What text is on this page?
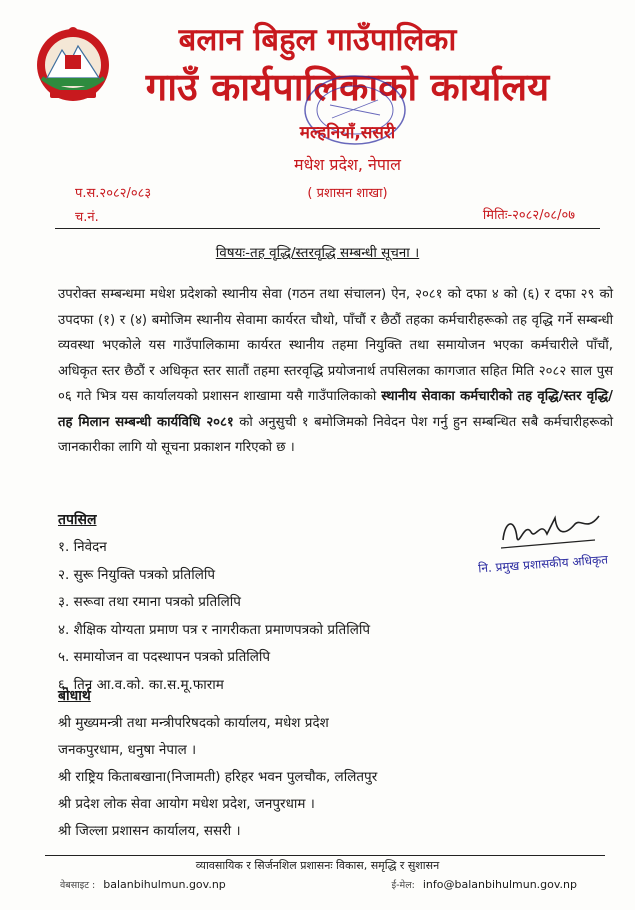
बलान बिहुल गाउँपालिका
गाउँ कार्यपालिकाको कार्यालय
मल्हनियाँ,ससरी
मधेश प्रदेश, नेपाल
( प्रशासन शाखा)
प.स.२०८२/०८३
च.नं.	मितिः-२०८२/०८/०७
विषयः-तह वृद्धि/स्तरवृद्धि सम्बन्धी सूचना ।
उपरोक्त सम्बन्धमा मधेश प्रदेशको स्थानीय सेवा (गठन तथा संचालन) ऐन, २०८१ को दफा ४ को (६) र दफा २९ को उपदफा (१) र (४) बमोजिम स्थानीय सेवामा कार्यरत चौथो, पाँचौं र छैठौं तहका कर्मचारीहरूको तह वृद्धि गर्ने सम्बन्धी व्यवस्था भएकोले यस गाउँपालिकामा कार्यरत स्थानीय तहमा नियुक्ति तथा समायोजन भएका कर्मचारीले पाँचौं, अधिकृत स्तर छैठौं र अधिकृत स्तर सातौं तहमा स्तरवृद्धि प्रयोजनार्थ तपसिलका कागजात सहित मिति २०८२ साल पुस ०६ गते भित्र यस कार्यालयको प्रशासन शाखामा यसै गाउँपालिकाको स्थानीय सेवाका कर्मचारीको तह वृद्धि/स्तर वृद्धि/तह मिलान सम्बन्धी कार्यविधि २०८१ को अनुसुची १ बमोजिमको निवेदन पेश गर्नु हुन सम्बन्धित सबै कर्मचारीहरूको जानकारीका लागि यो सूचना प्रकाशन गरिएको छ ।
तपसिल
१. निवेदन
२. सुरू नियुक्ति पत्रको प्रतिलिपि
३. सरूवा तथा रमाना पत्रको प्रतिलिपि
४. शैक्षिक योग्यता प्रमाण पत्र र नागरीकता प्रमाणपत्रको प्रतिलिपि
५. समायोजन वा पदस्थापन पत्रको प्रतिलिपि
६. तिन आ.व.को. का.स.मू.फाराम
नि. प्रमुख प्रशासकीय अधिकृत
बोधार्थ
श्री मुख्यमन्त्री तथा मन्त्रीपरिषदको कार्यालय, मधेश प्रदेश
जनकपुरधाम, धनुषा नेपाल ।
श्री राष्ट्रिय किताबखाना(निजामती) हरिहर भवन पुलचौक, ललितपुर
श्री प्रदेश लोक सेवा आयोग मधेश प्रदेश, जनपुरधाम ।
श्री जिल्ला प्रशासन कार्यालय, ससरी ।
व्यावसायिक र सिर्जनशिल प्रशासनः विकास, समृद्धि र सुशासन
वेबसाइट : balanbihulmun.gov.np	ई-मेल: info@balanbihulmun.gov.np
